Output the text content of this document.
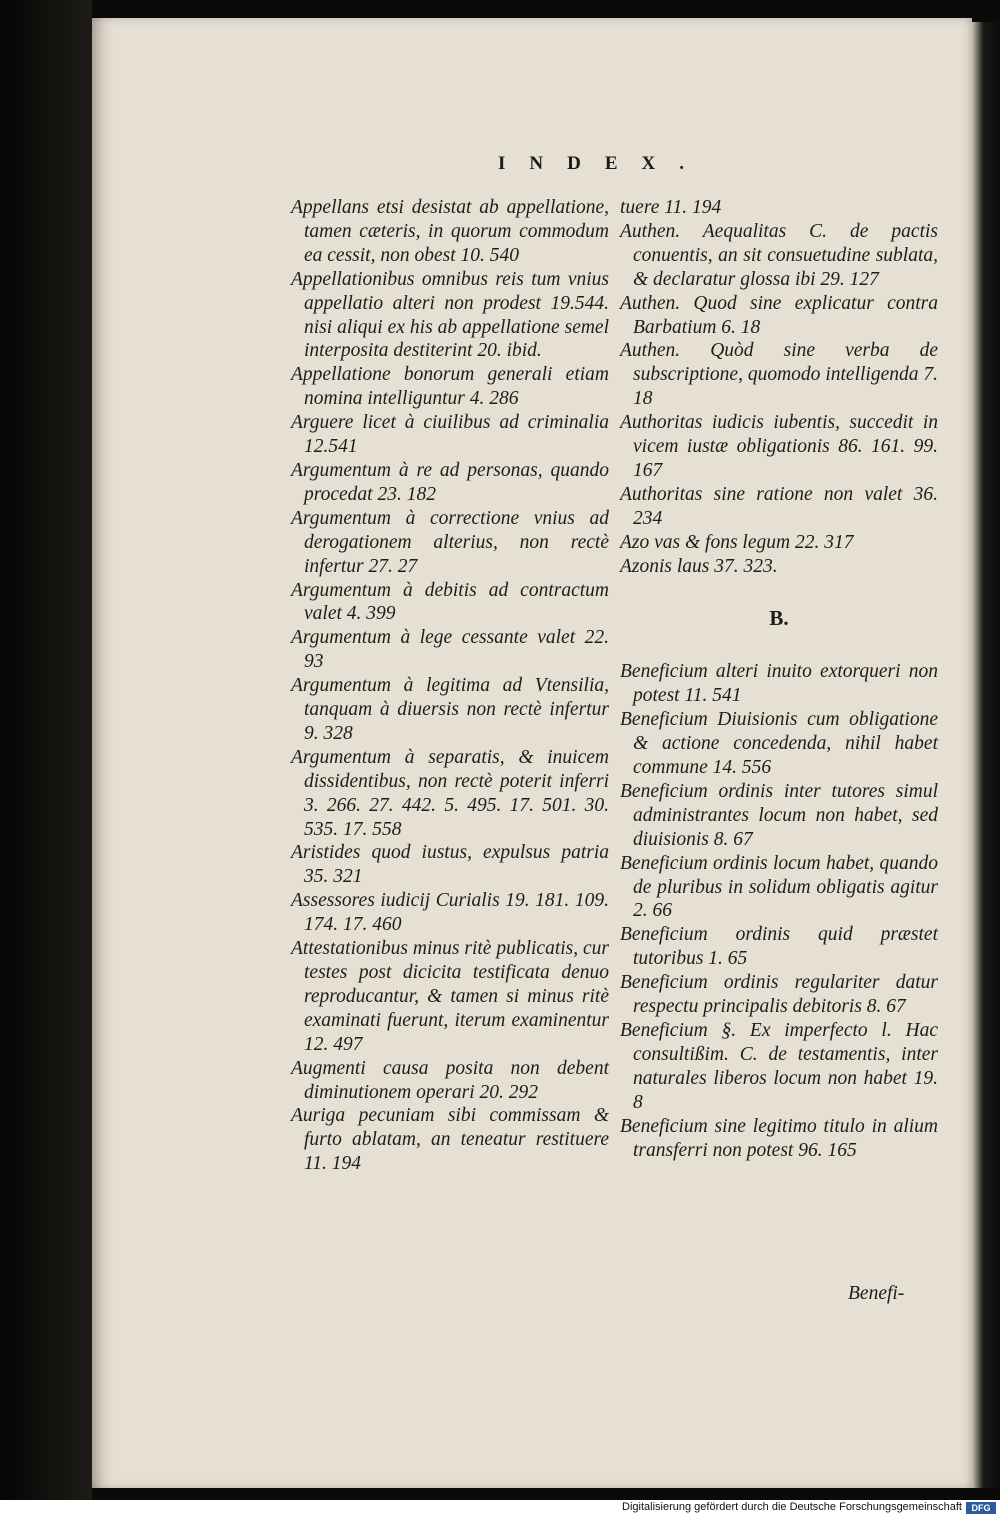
INDEX.

Appellans etsi desistat ab appellatione, tamen cæteris, in quorum commodum ea cessit, non obest 10. 540

Appellationibus omnibus reis tum vnius appellatio alteri non prodest 19.544. nisi aliqui ex his ab appellatione semel interposita destiterint 20. ibid.

Appellatione bonorum generali etiam nomina intelliguntur 4. 286

Arguere licet à ciuilibus ad criminalia 12.541

Argumentum à re ad personas, quando procedat 23. 182

Argumentum à correctione vnius ad derogationem alterius, non rectè infertur 27. 27

Argumentum à debitis ad contractum valet 4. 399

Argumentum à lege cessante valet 22. 93

Argumentum à legitima ad Vtensilia, tanquam à diuersis non rectè infertur 9. 328

Argumentum à separatis, & inuicem dissidentibus, non rectè poterit inferri 3. 266. 27. 442. 5. 495. 17. 501. 30. 535. 17. 558

Aristides quod iustus, expulsus patria 35. 321

Assessores iudicij Curialis 19. 181. 109. 174. 17. 460

Attestationibus minus ritè publicatis, cur testes post dicicita testificata denuo reproducantur, & tamen si minus ritè examinati fuerunt, iterum examinentur 12. 497

Augmenti causa posita non debent diminutionem operari 20. 292

Auriga pecuniam sibi commissam & furto ablatam, an teneatur restituere 11. 194

tuere 11. 194

Authen. Aequalitas C. de pactis conuentis, an sit consuetudine sublata, & declaratur glossa ibi 29. 127

Authen. Quod sine explicatur contra Barbatium 6. 18

Authen. Quòd sine verba de subscriptione, quomodo intelligenda 7. 18

Authoritas iudicis iubentis, succedit in vicem iustæ obligationis 86. 161. 99. 167

Authoritas sine ratione non valet 36. 234

Azo vas & fons legum 22. 317

Azonis laus 37. 323.

B.

Beneficium alteri inuito extorqueri non potest 11. 541

Beneficium Diuisionis cum obligatione & actione concedenda, nihil habet commune 14. 556

Beneficium ordinis inter tutores simul administrantes locum non habet, sed diuisionis 8. 67

Beneficium ordinis locum habet, quando de pluribus in solidum obligatis agitur 2. 66

Beneficium ordinis quid præstet tutoribus 1. 65

Beneficium ordinis regulariter datur respectu principalis debitoris 8. 67

Beneficium §. Ex imperfecto l. Hac consultißim. C. de testamentis, inter naturales liberos locum non habet 19. 8

Beneficium sine legitimo titulo in alium transferri non potest 96. 165

Benefi-
Digitalisierung gefördert durch die Deutsche Forschungsgemeinschaft	DFG
